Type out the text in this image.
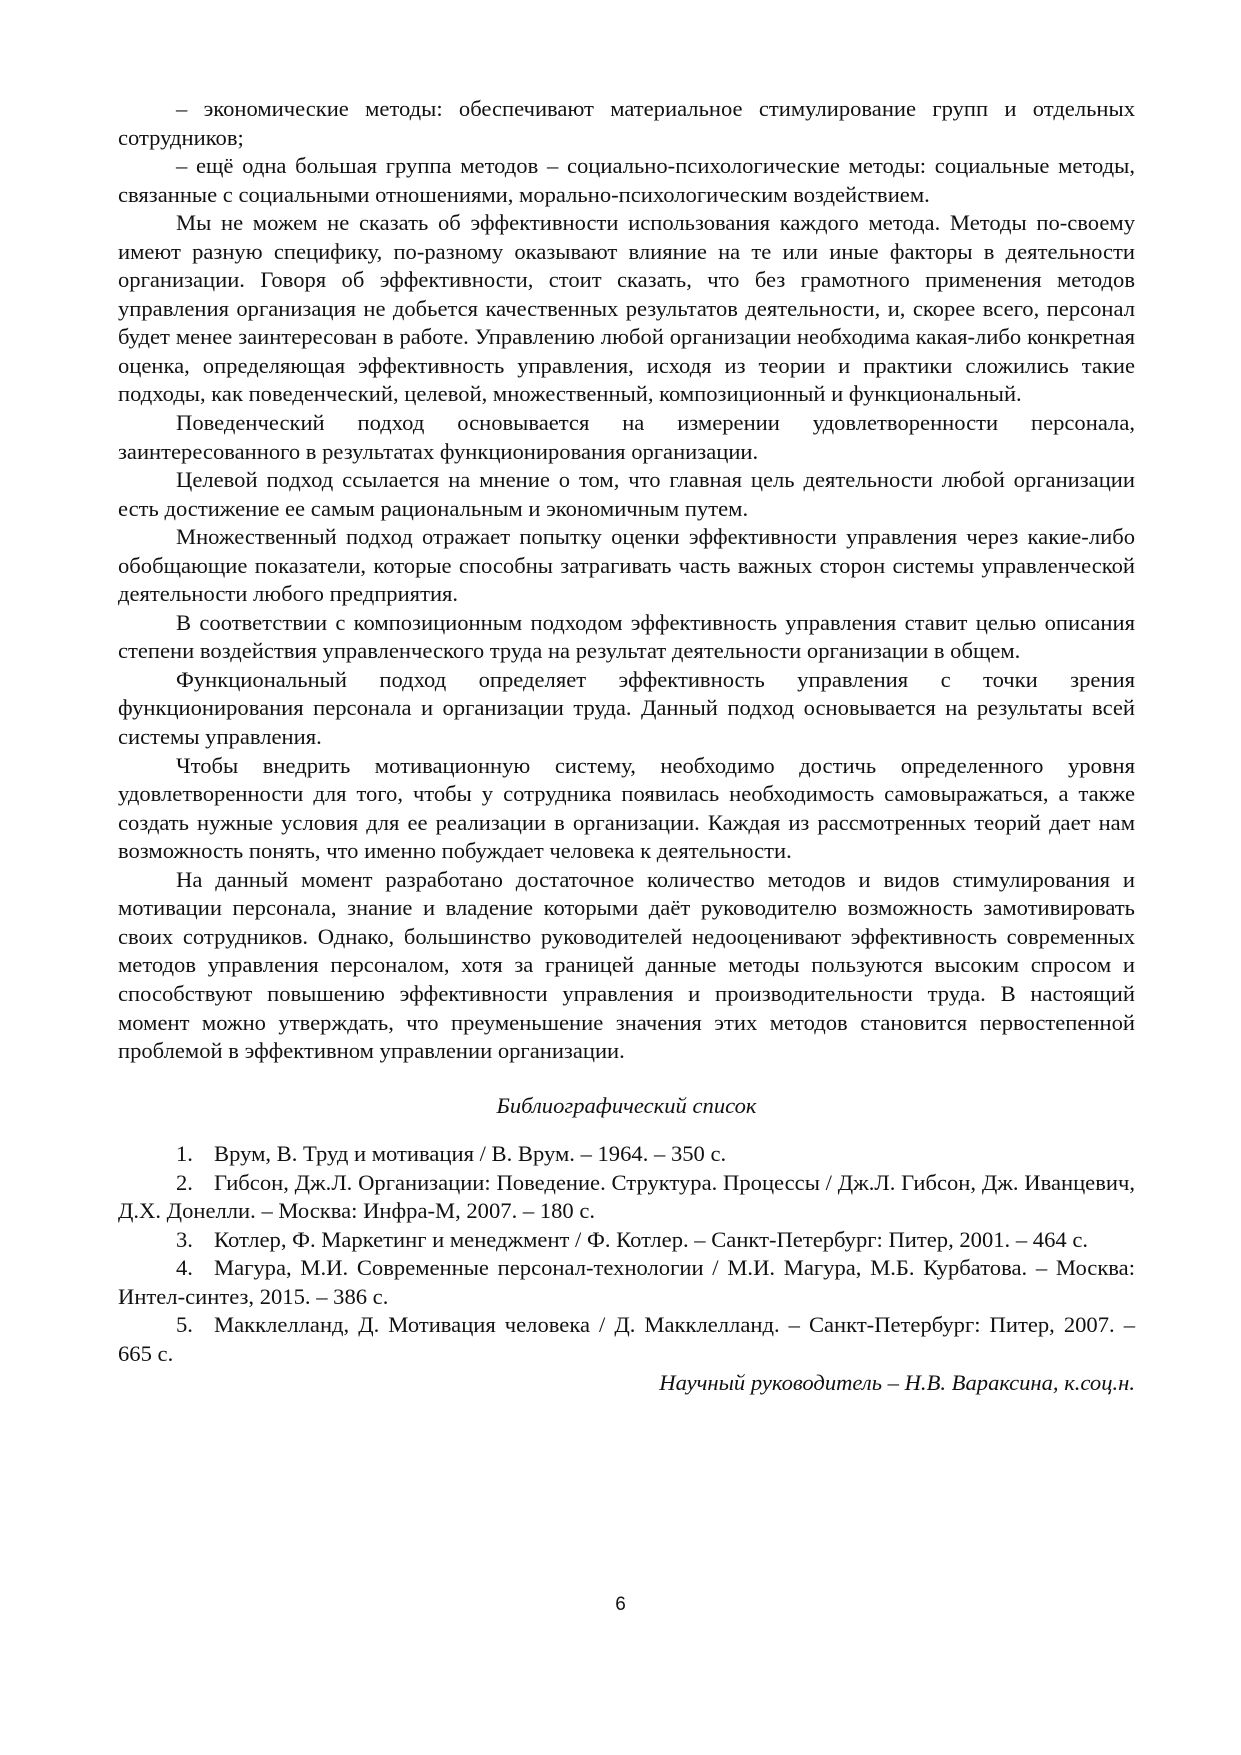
– экономические методы: обеспечивают материальное стимулирование групп и отдельных сотрудников;

– ещё одна большая группа методов – социально-психологические методы: социальные методы, связанные с социальными отношениями, морально-психологическим воздействием.

Мы не можем не сказать об эффективности использования каждого метода. Методы по-своему имеют разную специфику, по-разному оказывают влияние на те или иные факторы в деятельности организации. Говоря об эффективности, стоит сказать, что без грамотного применения методов управления организация не добьется качественных результатов деятельности, и, скорее всего, персонал будет менее заинтересован в работе. Управлению любой организации необходима какая-либо конкретная оценка, определяющая эффективность управления, исходя из теории и практики сложились такие подходы, как поведенческий, целевой, множественный, композиционный и функциональный.

Поведенческий подход основывается на измерении удовлетворенности персонала, заинтересованного в результатах функционирования организации.

Целевой подход ссылается на мнение о том, что главная цель деятельности любой организации есть достижение ее самым рациональным и экономичным путем.

Множественный подход отражает попытку оценки эффективности управления через какие-либо обобщающие показатели, которые способны затрагивать часть важных сторон системы управленческой деятельности любого предприятия.

В соответствии с композиционным подходом эффективность управления ставит целью описания степени воздействия управленческого труда на результат деятельности организации в общем.

Функциональный подход определяет эффективность управления с точки зрения функционирования персонала и организации труда. Данный подход основывается на результаты всей системы управления.

Чтобы внедрить мотивационную систему, необходимо достичь определенного уровня удовлетворенности для того, чтобы у сотрудника появилась необходимость самовыражаться, а также создать нужные условия для ее реализации в организации. Каждая из рассмотренных теорий дает нам возможность понять, что именно побуждает человека к деятельности.

На данный момент разработано достаточное количество методов и видов стимулирования и мотивации персонала, знание и владение которыми даёт руководителю возможность замотивировать своих сотрудников. Однако, большинство руководителей недооценивают эффективность современных методов управления персоналом, хотя за границей данные методы пользуются высоким спросом и способствуют повышению эффективности управления и производительности труда. В настоящий момент можно утверждать, что преуменьшение значения этих методов становится первостепенной проблемой в эффективном управлении организации.

Библиографический список
1. Врум, В. Труд и мотивация / В. Врум. – 1964. – 350 с.
2. Гибсон, Дж.Л. Организации: Поведение. Структура. Процессы / Дж.Л. Гибсон, Дж. Иванцевич, Д.Х. Донелли. – Москва: Инфра-М, 2007. – 180 с.
3. Котлер, Ф. Маркетинг и менеджмент / Ф. Котлер. – Санкт-Петербург: Питер, 2001. – 464 с.
4. Магура, М.И. Современные персонал-технологии / М.И. Магура, М.Б. Курбатова. – Москва: Интел-синтез, 2015. – 386 с.
5. Макклелланд, Д. Мотивация человека / Д. Макклелланд. – Санкт-Петербург: Питер, 2007. – 665 с.

Научный руководитель – Н.В. Вараксина, к.соц.н.

6
